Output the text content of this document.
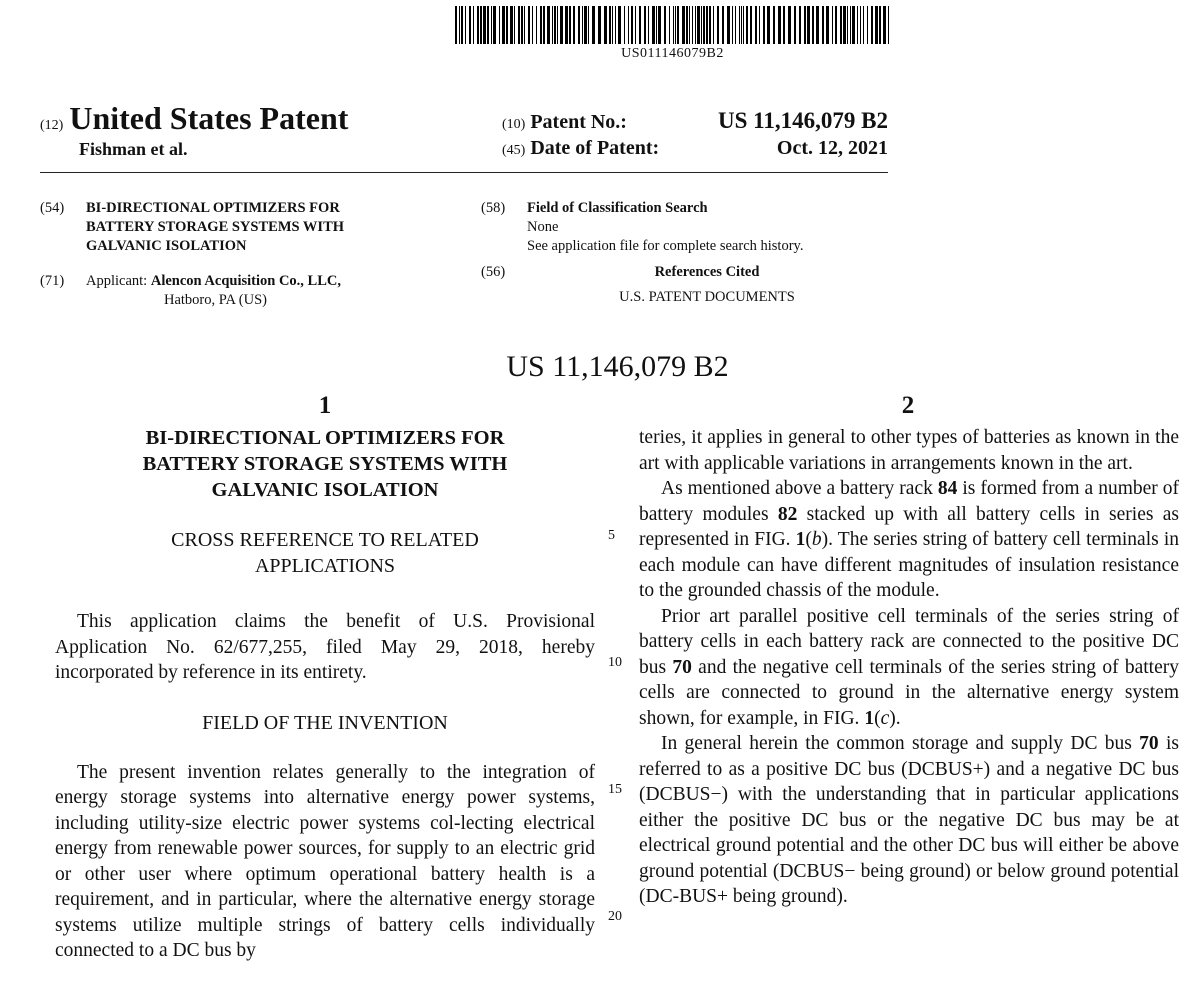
US011146079B2
(12) United States Patent
Fishman et al.
(10) Patent No.:	US 11,146,079 B2
(45) Date of Patent:	Oct. 12, 2021
(54) BI-DIRECTIONAL OPTIMIZERS FOR BATTERY STORAGE SYSTEMS WITH GALVANIC ISOLATION
(71) Applicant: Alencon Acquisition Co., LLC,
Hatboro, PA (US)
(58) Field of Classification Search
None
See application file for complete search history.
(56)	References Cited
U.S. PATENT DOCUMENTS
US 11,146,079 B2
1	2
BI-DIRECTIONAL OPTIMIZERS FOR
BATTERY STORAGE SYSTEMS WITH
GALVANIC ISOLATION
CROSS REFERENCE TO RELATED
APPLICATIONS

This application claims the benefit of U.S. Provisional Application No. 62/677,255, filed May 29, 2018, hereby incorporated by reference in its entirety.

FIELD OF THE INVENTION

The present invention relates generally to the integration of energy storage systems into alternative energy power systems, including utility-size electric power systems col-lecting electrical energy from renewable power sources, for supply to an electric grid or other user where optimum operational battery health is a requirement, and in particular, where the alternative energy storage systems utilize multiple strings of battery cells individually connected to a DC bus by

5
10
15
20

teries, it applies in general to other types of batteries as known in the art with applicable variations in arrangements known in the art.

As mentioned above a battery rack 84 is formed from a number of battery modules 82 stacked up with all battery cells in series as represented in FIG. 1(b). The series string of battery cell terminals in each module can have different magnitudes of insulation resistance to the grounded chassis of the module.

Prior art parallel positive cell terminals of the series string of battery cells in each battery rack are connected to the positive DC bus 70 and the negative cell terminals of the series string of battery cells are connected to ground in the alternative energy system shown, for example, in FIG. 1(c).

In general herein the common storage and supply DC bus 70 is referred to as a positive DC bus (DCBUS+) and a negative DC bus (DCBUS−) with the understanding that in particular applications either the positive DC bus or the negative DC bus may be at electrical ground potential and the other DC bus will either be above ground potential (DCBUS− being ground) or below ground potential (DC-BUS+ being ground).
